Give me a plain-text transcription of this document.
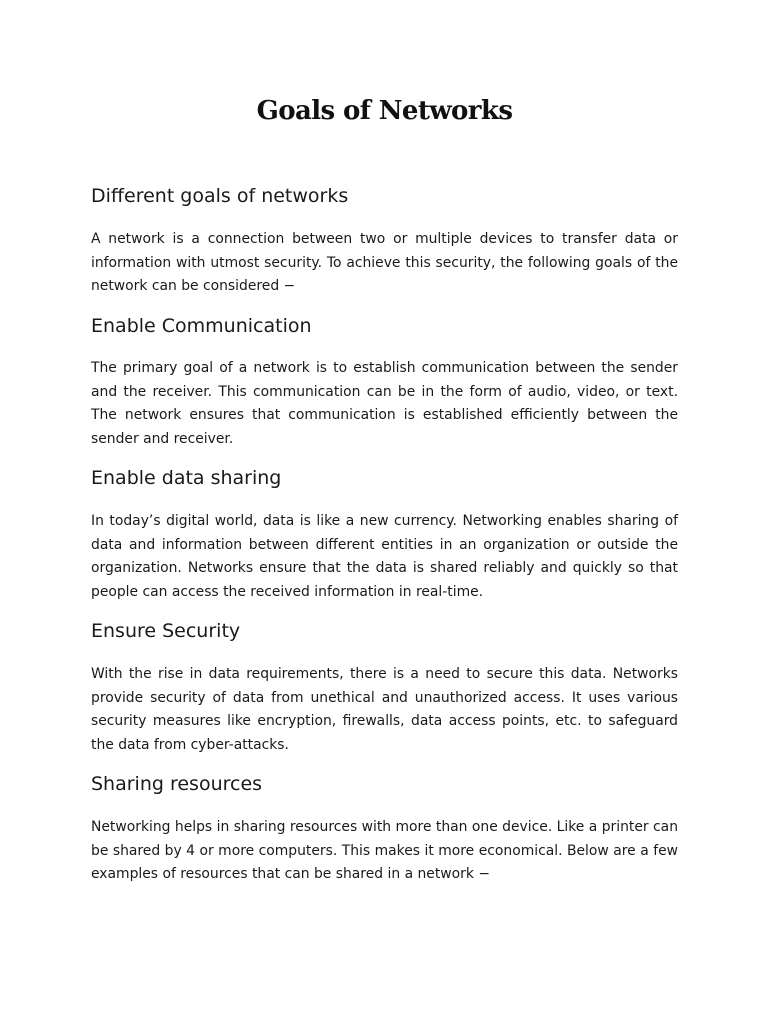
Goals of Networks
Different goals of networks

A network is a connection between two or multiple devices to transfer data or information with utmost security. To achieve this security, the following goals of the network can be considered −

Enable Communication

The primary goal of a network is to establish communication between the sender and the receiver. This communication can be in the form of audio, video, or text. The network ensures that communication is established efficiently between the sender and receiver.

Enable data sharing

In today’s digital world, data is like a new currency. Networking enables sharing of data and information between different entities in an organization or outside the organization. Networks ensure that the data is shared reliably and quickly so that people can access the received information in real-time.

Ensure Security

With the rise in data requirements, there is a need to secure this data. Networks provide security of data from unethical and unauthorized access. It uses various security measures like encryption, firewalls, data access points, etc. to safeguard the data from cyber-attacks.

Sharing resources

Networking helps in sharing resources with more than one device. Like a printer can be shared by 4 or more computers. This makes it more economical. Below are a few examples of resources that can be shared in a network −
